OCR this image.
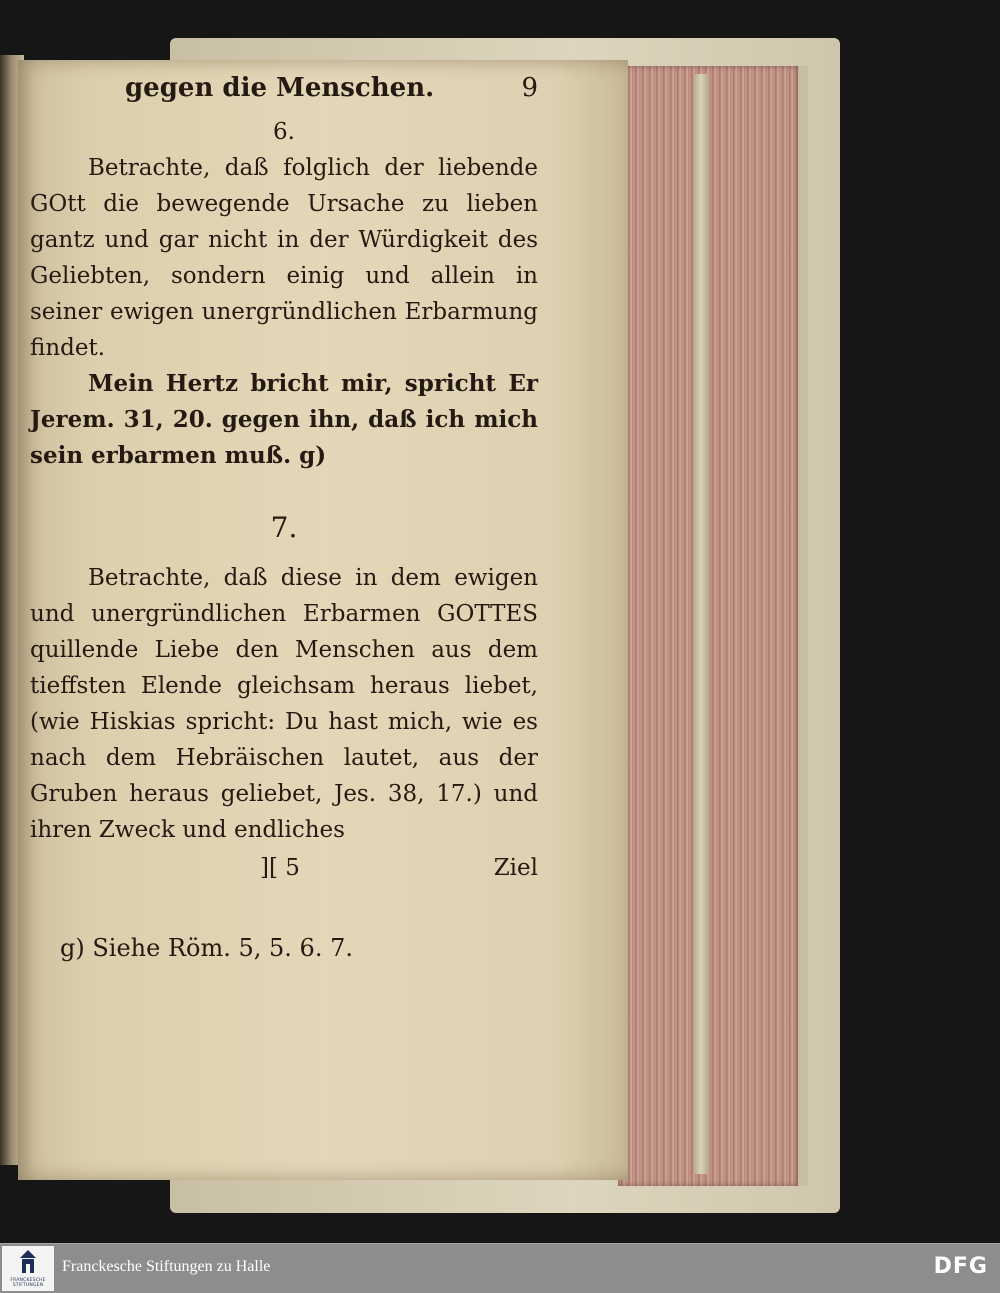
gegen die Menschen.	9
6.

Betrachte, daß folglich der liebende GOtt die bewegende Ursache zu lieben gantz und gar nicht in der Würdigkeit des Geliebten, sondern einig und allein in seiner ewigen unergründlichen Erbarmung findet.

Mein Hertz bricht mir, spricht Er Jerem. 31, 20. gegen ihn, daß ich mich sein erbarmen muß. g)

7.

Betrachte, daß diese in dem ewigen und unergründlichen Erbarmen GOTTES quillende Liebe den Menschen aus dem tieffsten Elende gleichsam heraus liebet, (wie Hiskias spricht: Du hast mich, wie es nach dem Hebräischen lautet, aus der Gruben heraus geliebet, Jes. 38, 17.) und ihren Zweck und endliches

][ 5	Ziel
g) Siehe Röm. 5, 5. 6. 7.
FRANCKESCHE STIFTUNGEN
Franckesche Stiftungen zu Halle	DFG
